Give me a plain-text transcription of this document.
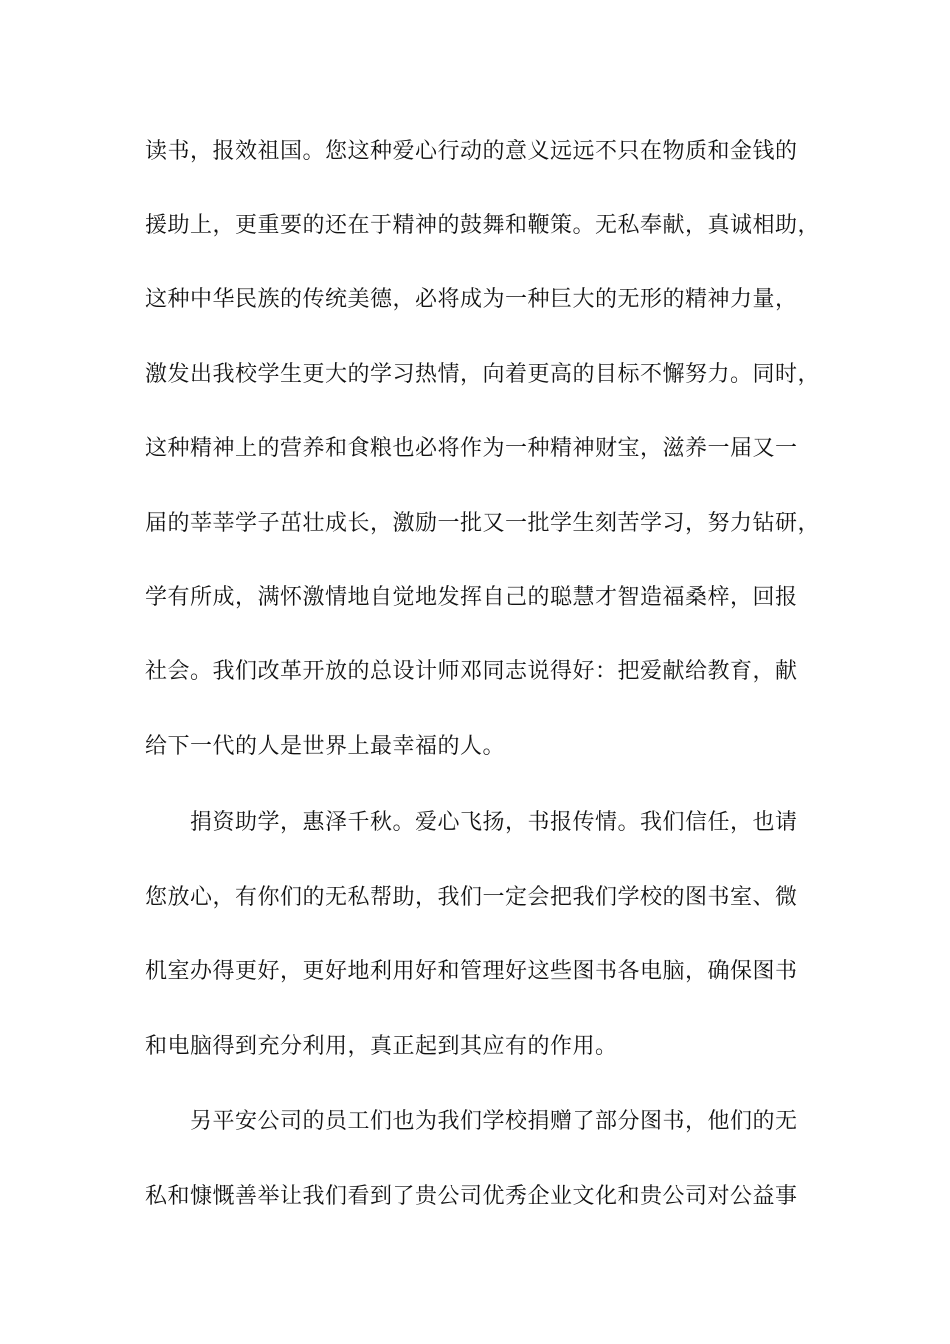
读书，报效祖国。您这种爱心行动的意义远远不只在物质和金钱的
援助上，更重要的还在于精神的鼓舞和鞭策。无私奉献，真诚相助，
这种中华民族的传统美德，必将成为一种巨大的无形的精神力量，
激发出我校学生更大的学习热情，向着更高的目标不懈努力。同时，
这种精神上的营养和食粮也必将作为一种精神财宝，滋养一届又一
届的莘莘学子茁壮成长，激励一批又一批学生刻苦学习，努力钻研，
学有所成，满怀激情地自觉地发挥自己的聪慧才智造福桑梓，回报
社会。我们改革开放的总设计师邓同志说得好：把爱献给教育，献
给下一代的人是世界上最幸福的人。
捐资助学，惠泽千秋。爱心飞扬，书报传情。我们信任，也请
您放心，有你们的无私帮助，我们一定会把我们学校的图书室、微
机室办得更好，更好地利用好和管理好这些图书各电脑，确保图书
和电脑得到充分利用，真正起到其应有的作用。
另平安公司的员工们也为我们学校捐赠了部分图书，他们的无
私和慷慨善举让我们看到了贵公司优秀企业文化和贵公司对公益事
